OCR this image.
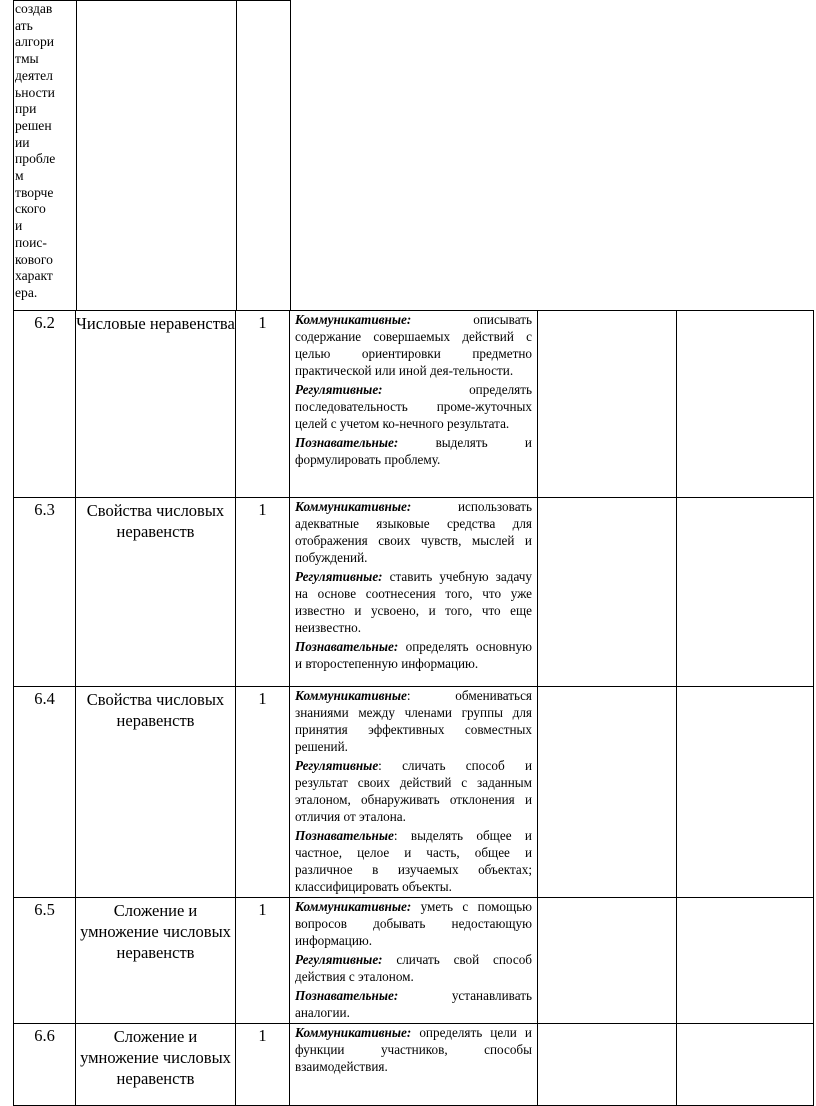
создав
ать
алгори
тмы
деятел
ьности
при
решен
ии
пробле
м
творче
ского
и
поис-
кового
характ
ера.

6.2	Числовые неравенства	1	Коммуникативные: описывать содержание совершаемых действий с целью ориентировки предметно практической или иной дея-тельности.

Регулятивные: определять последовательность проме-жуточных целей с учетом ко-нечного результата.

Познавательные: выделять и формулировать проблему.		

6.3	Свойства числовых неравенств	1	Коммуникативные: использовать адекватные языковые средства для отображения своих чувств, мыслей и побуждений.

Регулятивные: ставить учебную задачу на основе соотнесения того, что уже известно и усвоено, и того, что еще неизвестно.

Познавательные: определять основную и второстепенную информацию.		

6.4	Свойства числовых неравенств	1	Коммуникативные: обмениваться знаниями между членами группы для принятия эффективных совместных решений.

Регулятивные: сличать способ и результат своих действий с заданным эталоном, обнаруживать отклонения и отличия от эталона.

Познавательные: выделять общее и частное, целое и часть, общее и различное в изучаемых объектах; классифицировать объекты.		

6.5	Сложение и умножение числовых неравенств	1	Коммуникативные: уметь с помощью вопросов добывать недостающую информацию.

Регулятивные: сличать свой способ действия с эталоном.

Познавательные: устанавливать аналогии.		

6.6	Сложение и умножение числовых неравенств	1	Коммуникативные: определять цели и функции участников, способы взаимодействия.		
